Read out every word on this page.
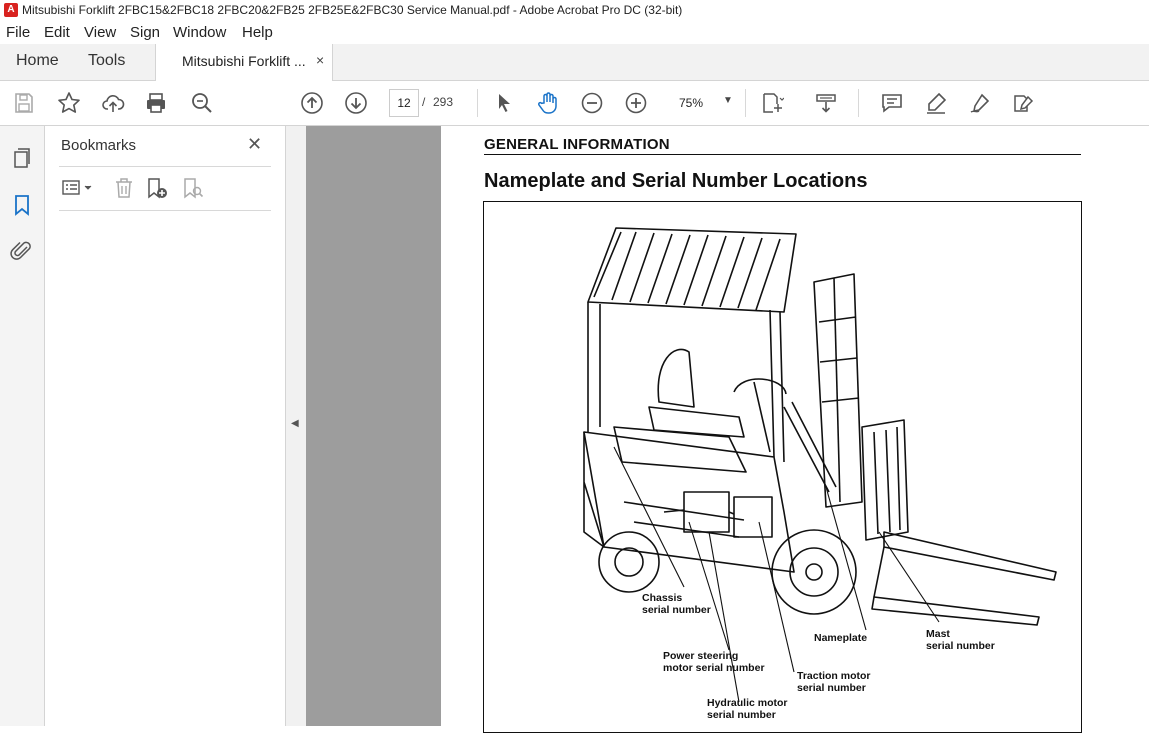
A Mitsubishi Forklift 2FBC15&2FBC18 2FBC20&2FB25 2FB25E&2FBC30 Service Manual.pdf - Adobe Acrobat Pro DC (32-bit)
File Edit View Sign Window Help
Home Tools	Mitsubishi Forklift ... ×
12 / 293	75% ▼
Bookmarks	✕
◀
GENERAL INFORMATION
Nameplate and Serial Number Locations
Chassis
serial number
Power steering
motor serial number
Hydraulic motor
serial number
Traction motor
serial number
Nameplate	Mast
serial number
